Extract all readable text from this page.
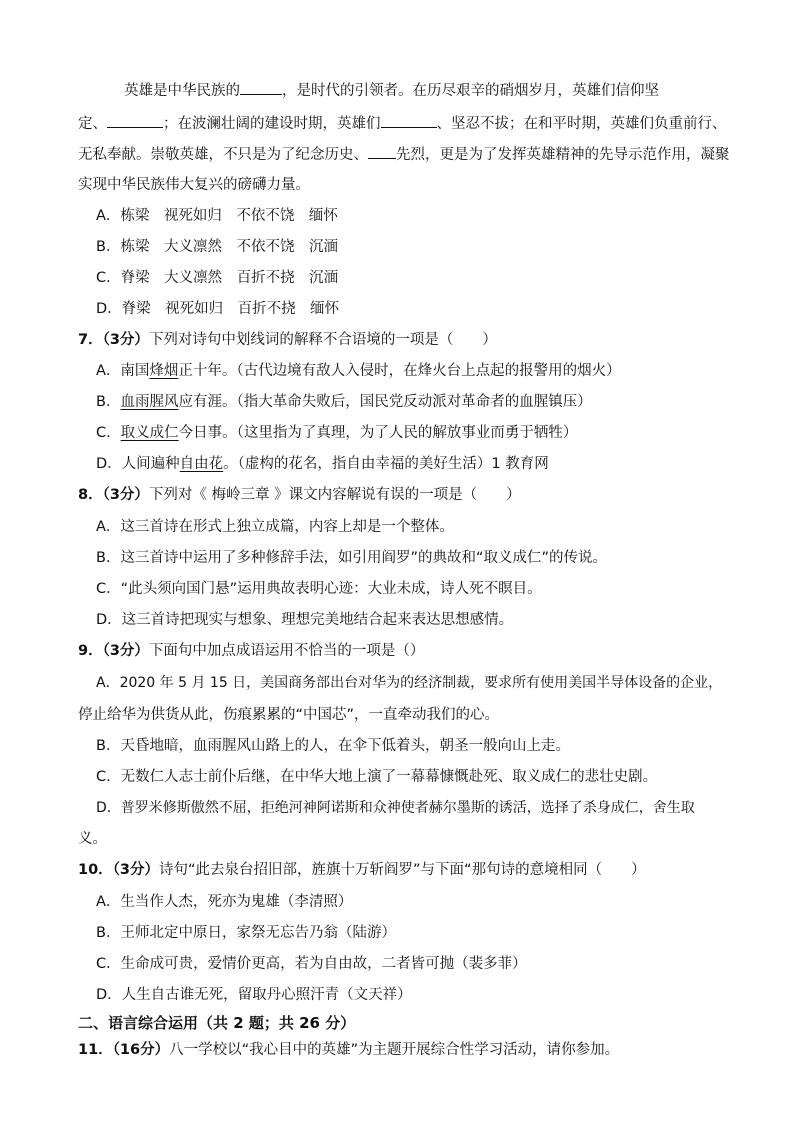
英雄是中华民族的	，是时代的引领者。在历尽艰辛的硝烟岁月，英雄们信仰坚
定、	；在波澜壮阔的建设时期，英雄们	、坚忍不拔；在和平时期，英雄们负重前行、
无私奉献。崇敬英雄，不只是为了纪念历史、 先烈，更是为了发挥英雄精神的先导示范作用，凝聚
实现中华民族伟大复兴的磅礴力量。
A．栋梁　视死如归　不依不饶　缅怀
B．栋梁　大义凛然　不依不饶　沉湎
C．脊梁　大义凛然　百折不挠　沉湎
D．脊梁　视死如归　百折不挠　缅怀
7．（3分）下列对诗句中划线词的解释不合语境的一项是（　　）
A．南国烽烟正十年。（古代边境有敌人入侵时，在烽火台上点起的报警用的烟火）
B．血雨腥风应有涯。（指大革命失败后，国民党反动派对革命者的血腥镇压）
C．取义成仁今日事。（这里指为了真理，为了人民的解放事业而勇于牺牲）
D．人间遍种自由花。（虚构的花名，指自由幸福的美好生活）1 教育网
8．（3分）下列对《 梅岭三章 》课文内容解说有误的一项是（　　）
A．这三首诗在形式上独立成篇，内容上却是一个整体。
B．这三首诗中运用了多种修辞手法，如引用阎罗”的典故和“取义成仁”的传说。
C．“此头须向国门悬”运用典故表明心迹：大业未成，诗人死不瞑目。
D．这三首诗把现实与想象、理想完美地结合起来表达思想感情。
9．（3分）下面句中加点成语运用不恰当的一项是（）
A．2020 年 5 月 15 日，美国商务部出台对华为的经济制裁，要求所有使用美国半导体设备的企业，
停止给华为供货从此，伤痕累累的“中国芯”，一直牵动我们的心。
B．天昏地暗，血雨腥风山路上的人，在伞下低着头，朝圣一般向山上走。
C．无数仁人志士前仆后继，在中华大地上演了一幕幕慷慨赴死、取义成仁的悲壮史剧。
D．普罗米修斯傲然不屈，拒绝河神阿诺斯和众神使者赫尔墨斯的诱活，选择了杀身成仁，舍生取
义。
10．（3分）诗句“此去泉台招旧部，旌旗十万斩阎罗”与下面“那句诗的意境相同（　　）
A．生当作人杰，死亦为鬼雄（李清照）
B．王师北定中原日，家祭无忘告乃翁（陆游）
C．生命成可贵，爱情价更高，若为自由故，二者皆可抛（裴多菲）
D．人生自古谁无死，留取丹心照汗青（文天祥）
二、语言综合运用（共 2 题；共 26 分）
11．（16分）八一学校以“我心目中的英雄”为主题开展综合性学习活动，请你参加。
